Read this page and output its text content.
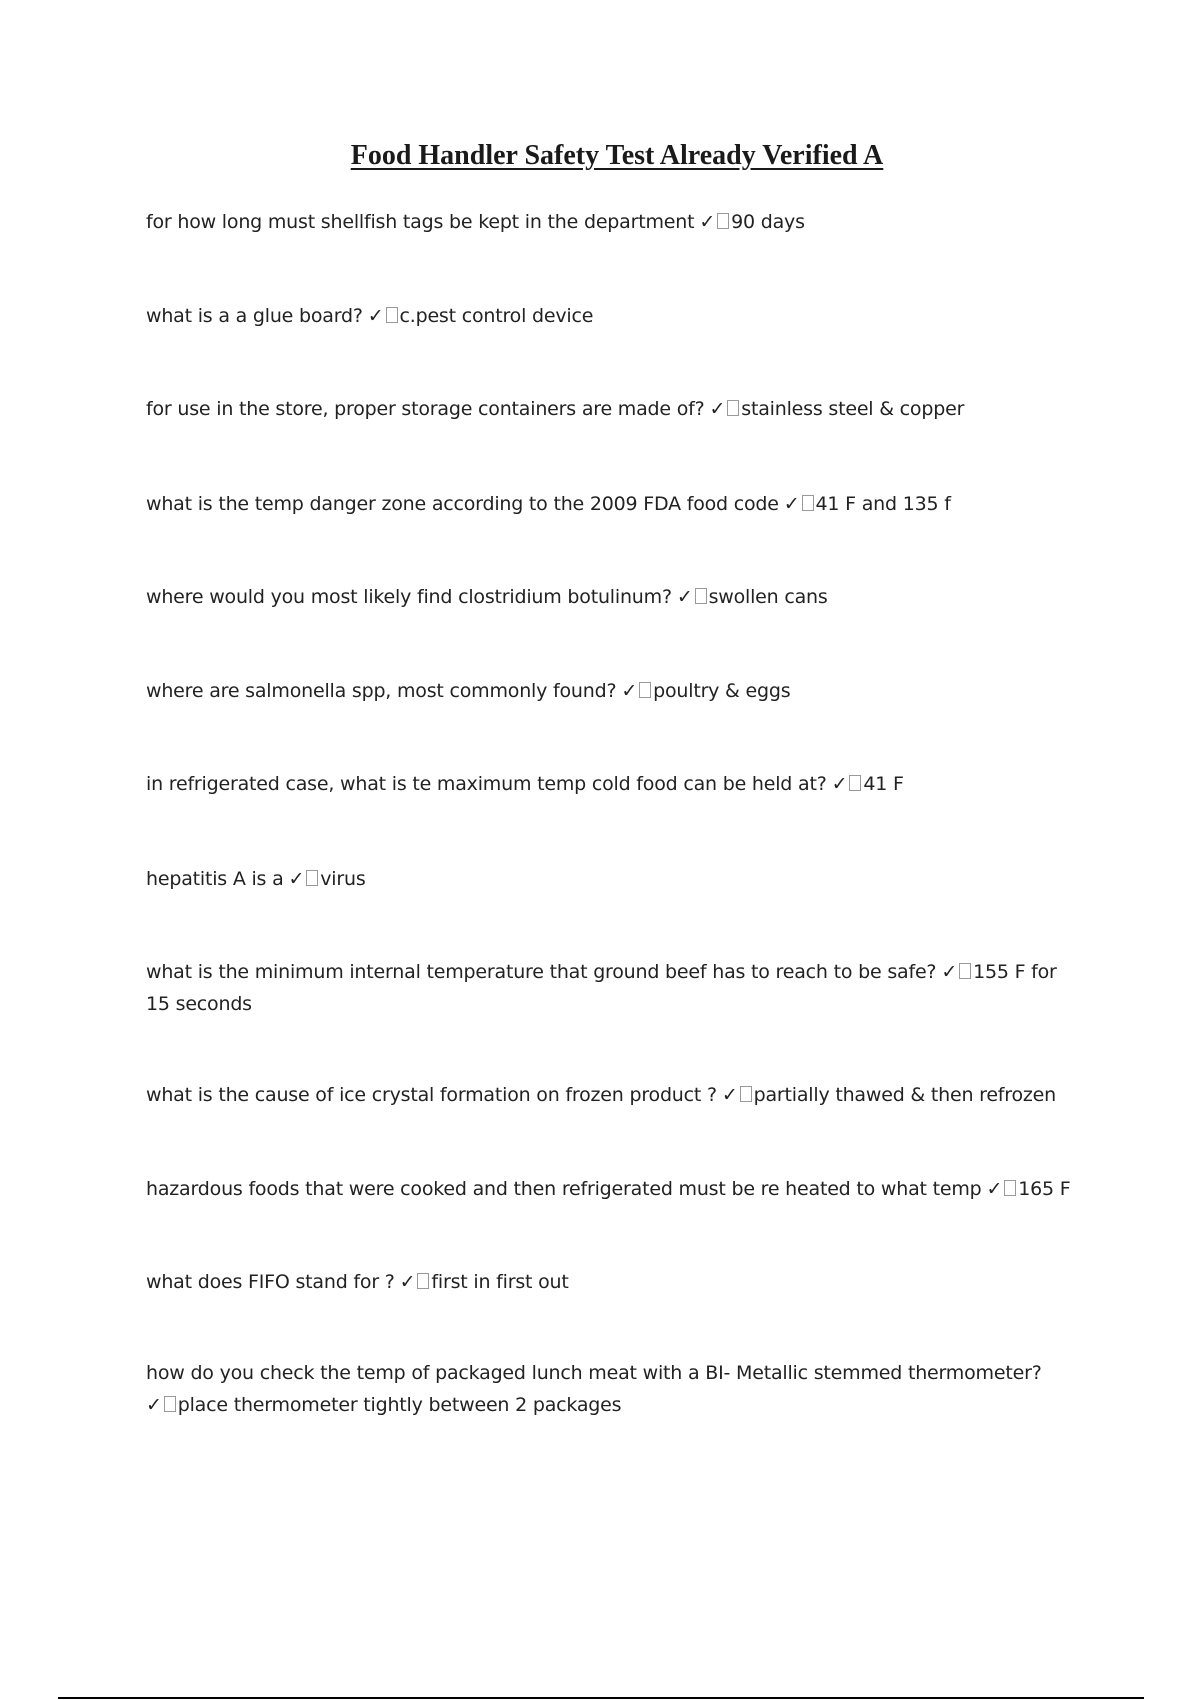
Food Handler Safety Test Already Verified A

for how long must shellfish tags be kept in the department ✓ 90 days

what is a a glue board? ✓ c.pest control device

for use in the store, proper storage containers are made of? ✓ stainless steel & copper

what is the temp danger zone according to the 2009 FDA food code ✓ 41 F and 135 f

where would you most likely find clostridium botulinum? ✓ swollen cans

where are salmonella spp, most commonly found? ✓ poultry & eggs

in refrigerated case, what is te maximum temp cold food can be held at? ✓ 41 F

hepatitis A is a ✓ virus

what is the minimum internal temperature that ground beef has to reach to be safe? ✓ 155 F for 15 seconds

what is the cause of ice crystal formation on frozen product ? ✓ partially thawed & then refrozen

hazardous foods that were cooked and then refrigerated must be re heated to what temp ✓ 165 F

what does FIFO stand for ? ✓ first in first out

how do you check the temp of packaged lunch meat with a BI- Metallic stemmed thermometer?
✓ place thermometer tightly between 2 packages
